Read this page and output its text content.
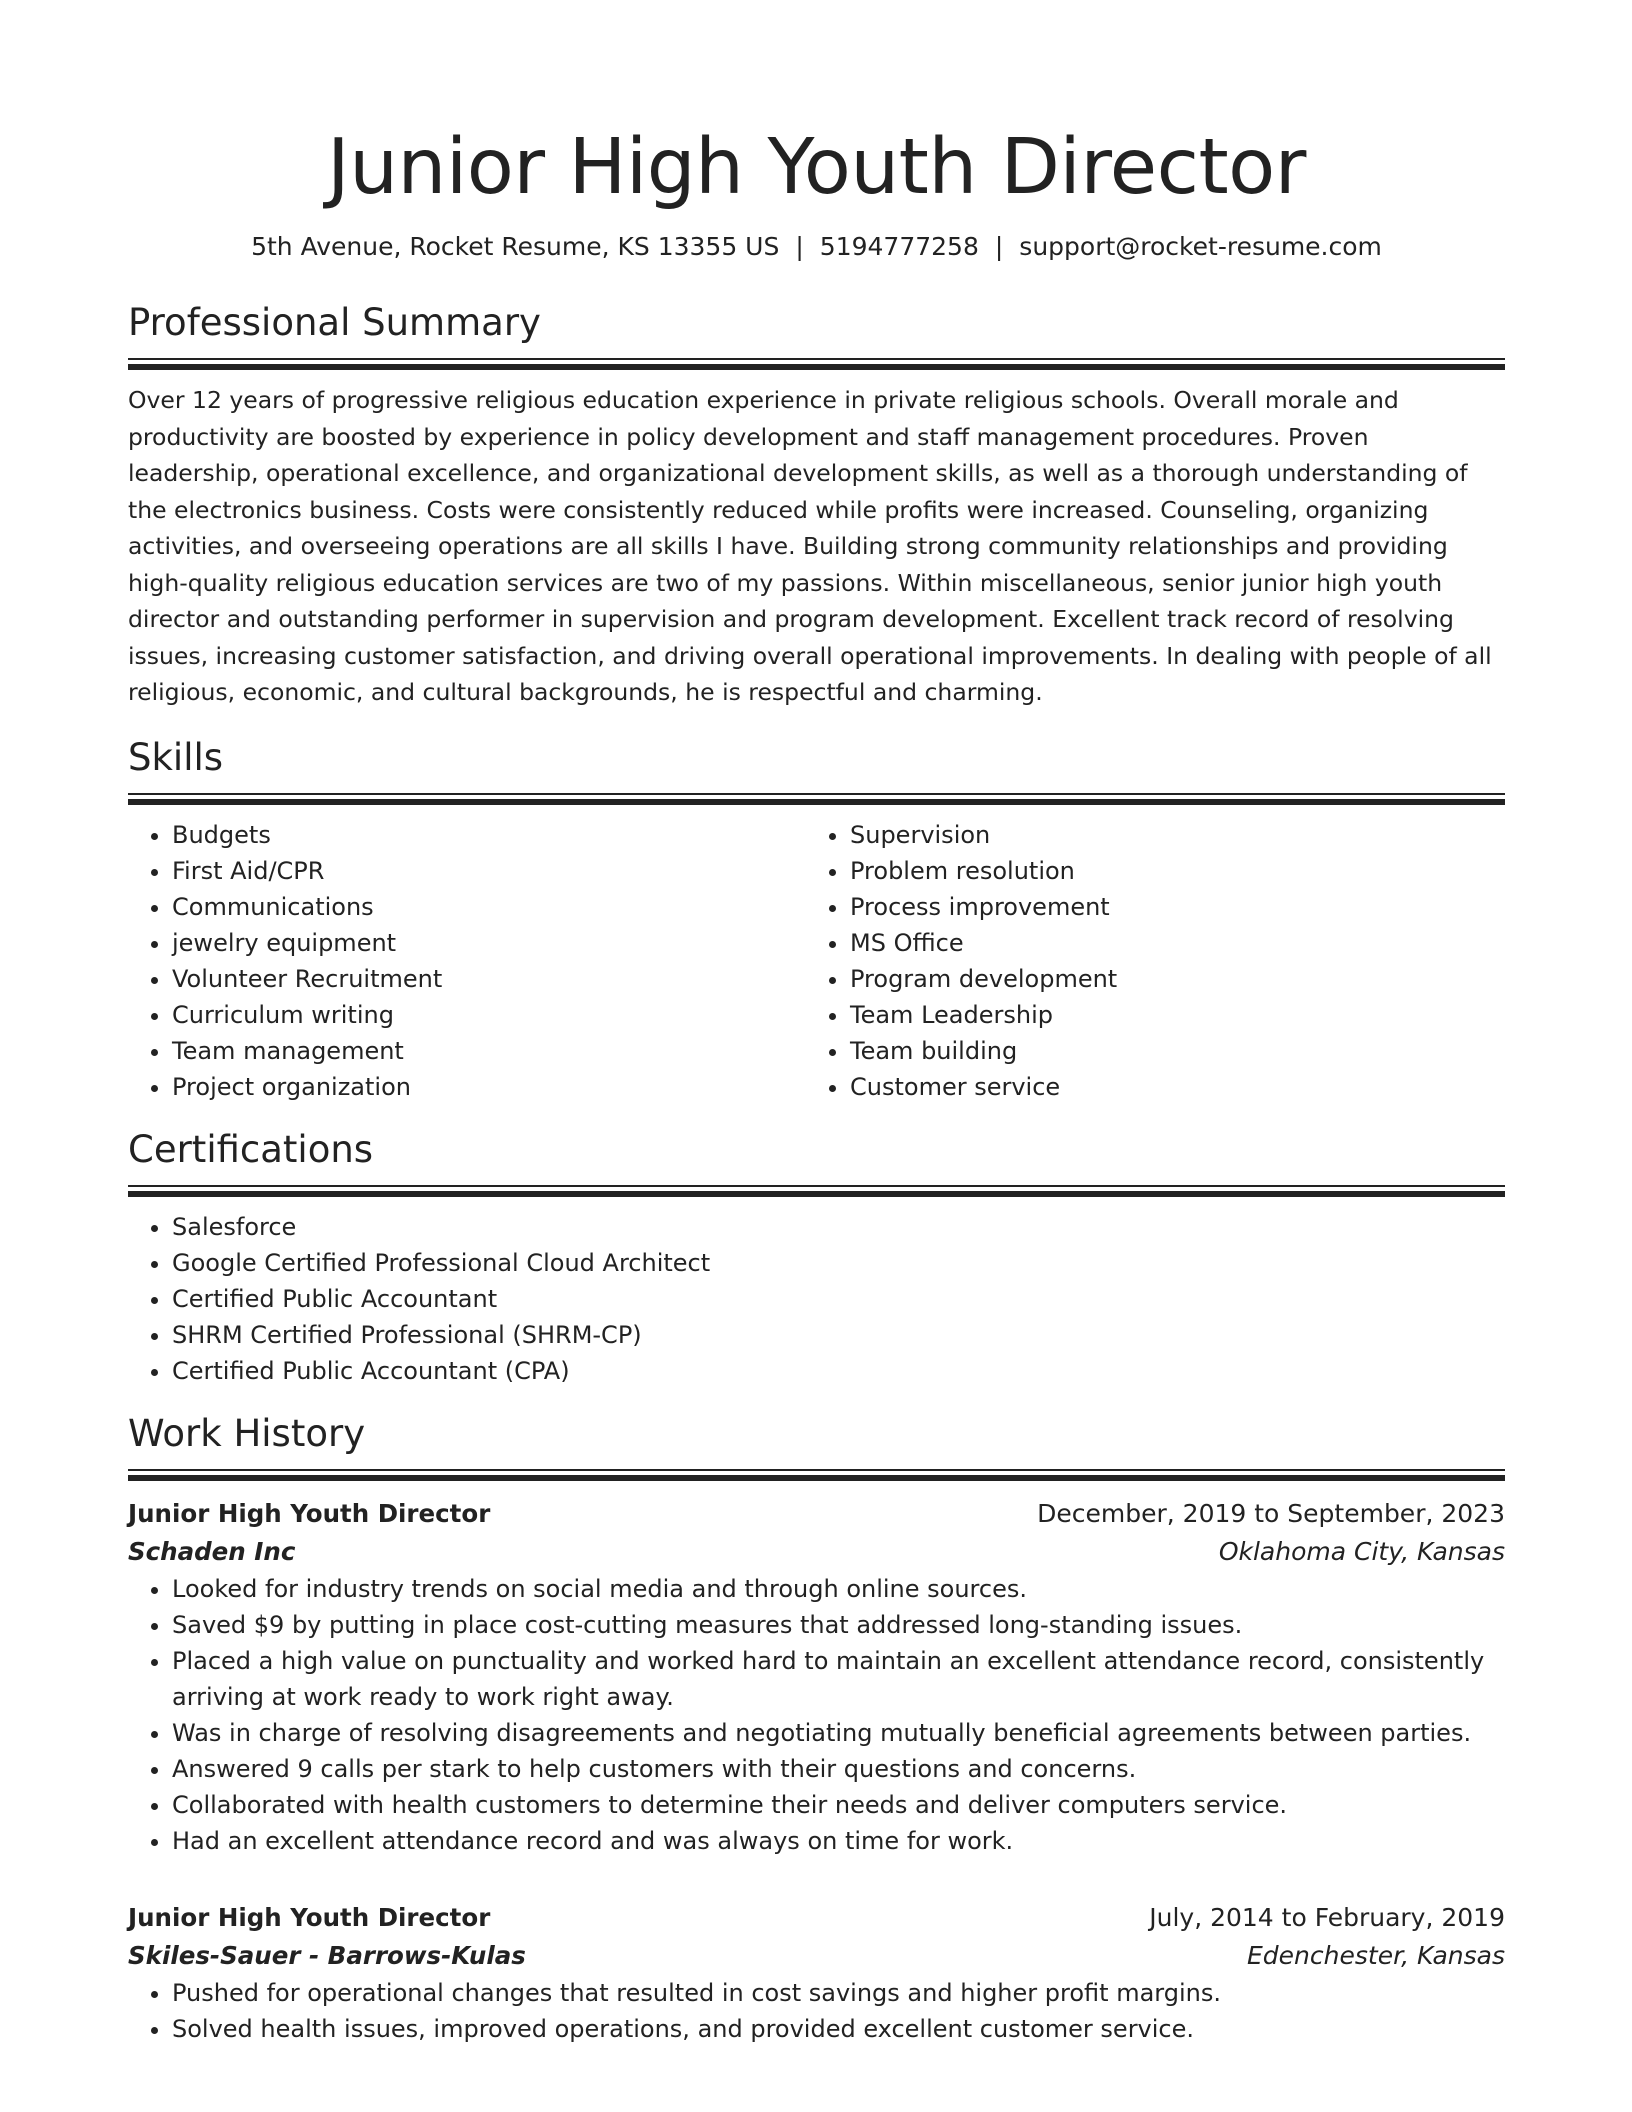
Junior High Youth Director
5th Avenue, Rocket Resume, KS 13355 US | 5194777258 | support@rocket-resume.com
Professional Summary

Over 12 years of progressive religious education experience in private religious schools. Overall morale and productivity are boosted by experience in policy development and staff management procedures. Proven leadership, operational excellence, and organizational development skills, as well as a thorough understanding of the electronics business. Costs were consistently reduced while profits were increased. Counseling, organizing activities, and overseeing operations are all skills I have. Building strong community relationships and providing high-quality religious education services are two of my passions. Within miscellaneous, senior junior high youth director and outstanding performer in supervision and program development. Excellent track record of resolving issues, increasing customer satisfaction, and driving overall operational improvements. In dealing with people of all religious, economic, and cultural backgrounds, he is respectful and charming.

Skills
• Budgets
• First Aid/CPR
• Communications
• jewelry equipment
• Volunteer Recruitment
• Curriculum writing
• Team management
• Project organization
• Supervision
• Problem resolution
• Process improvement
• MS Office
• Program development
• Team Leadership
• Team building
• Customer service
Certifications
• Salesforce
• Google Certified Professional Cloud Architect
• Certified Public Accountant
• SHRM Certified Professional (SHRM-CP)
• Certified Public Accountant (CPA)
Work History
Junior High Youth Director	December, 2019 to September, 2023
Schaden Inc	Oklahoma City, Kansas
• Looked for industry trends on social media and through online sources.
• Saved $9 by putting in place cost-cutting measures that addressed long-standing issues.
• Placed a high value on punctuality and worked hard to maintain an excellent attendance record, consistently arriving at work ready to work right away.
• Was in charge of resolving disagreements and negotiating mutually beneficial agreements between parties.
• Answered 9 calls per stark to help customers with their questions and concerns.
• Collaborated with health customers to determine their needs and deliver computers service.
• Had an excellent attendance record and was always on time for work.
Junior High Youth Director	July, 2014 to February, 2019
Skiles-Sauer - Barrows-Kulas	Edenchester, Kansas
• Pushed for operational changes that resulted in cost savings and higher profit margins.
• Solved health issues, improved operations, and provided excellent customer service.
